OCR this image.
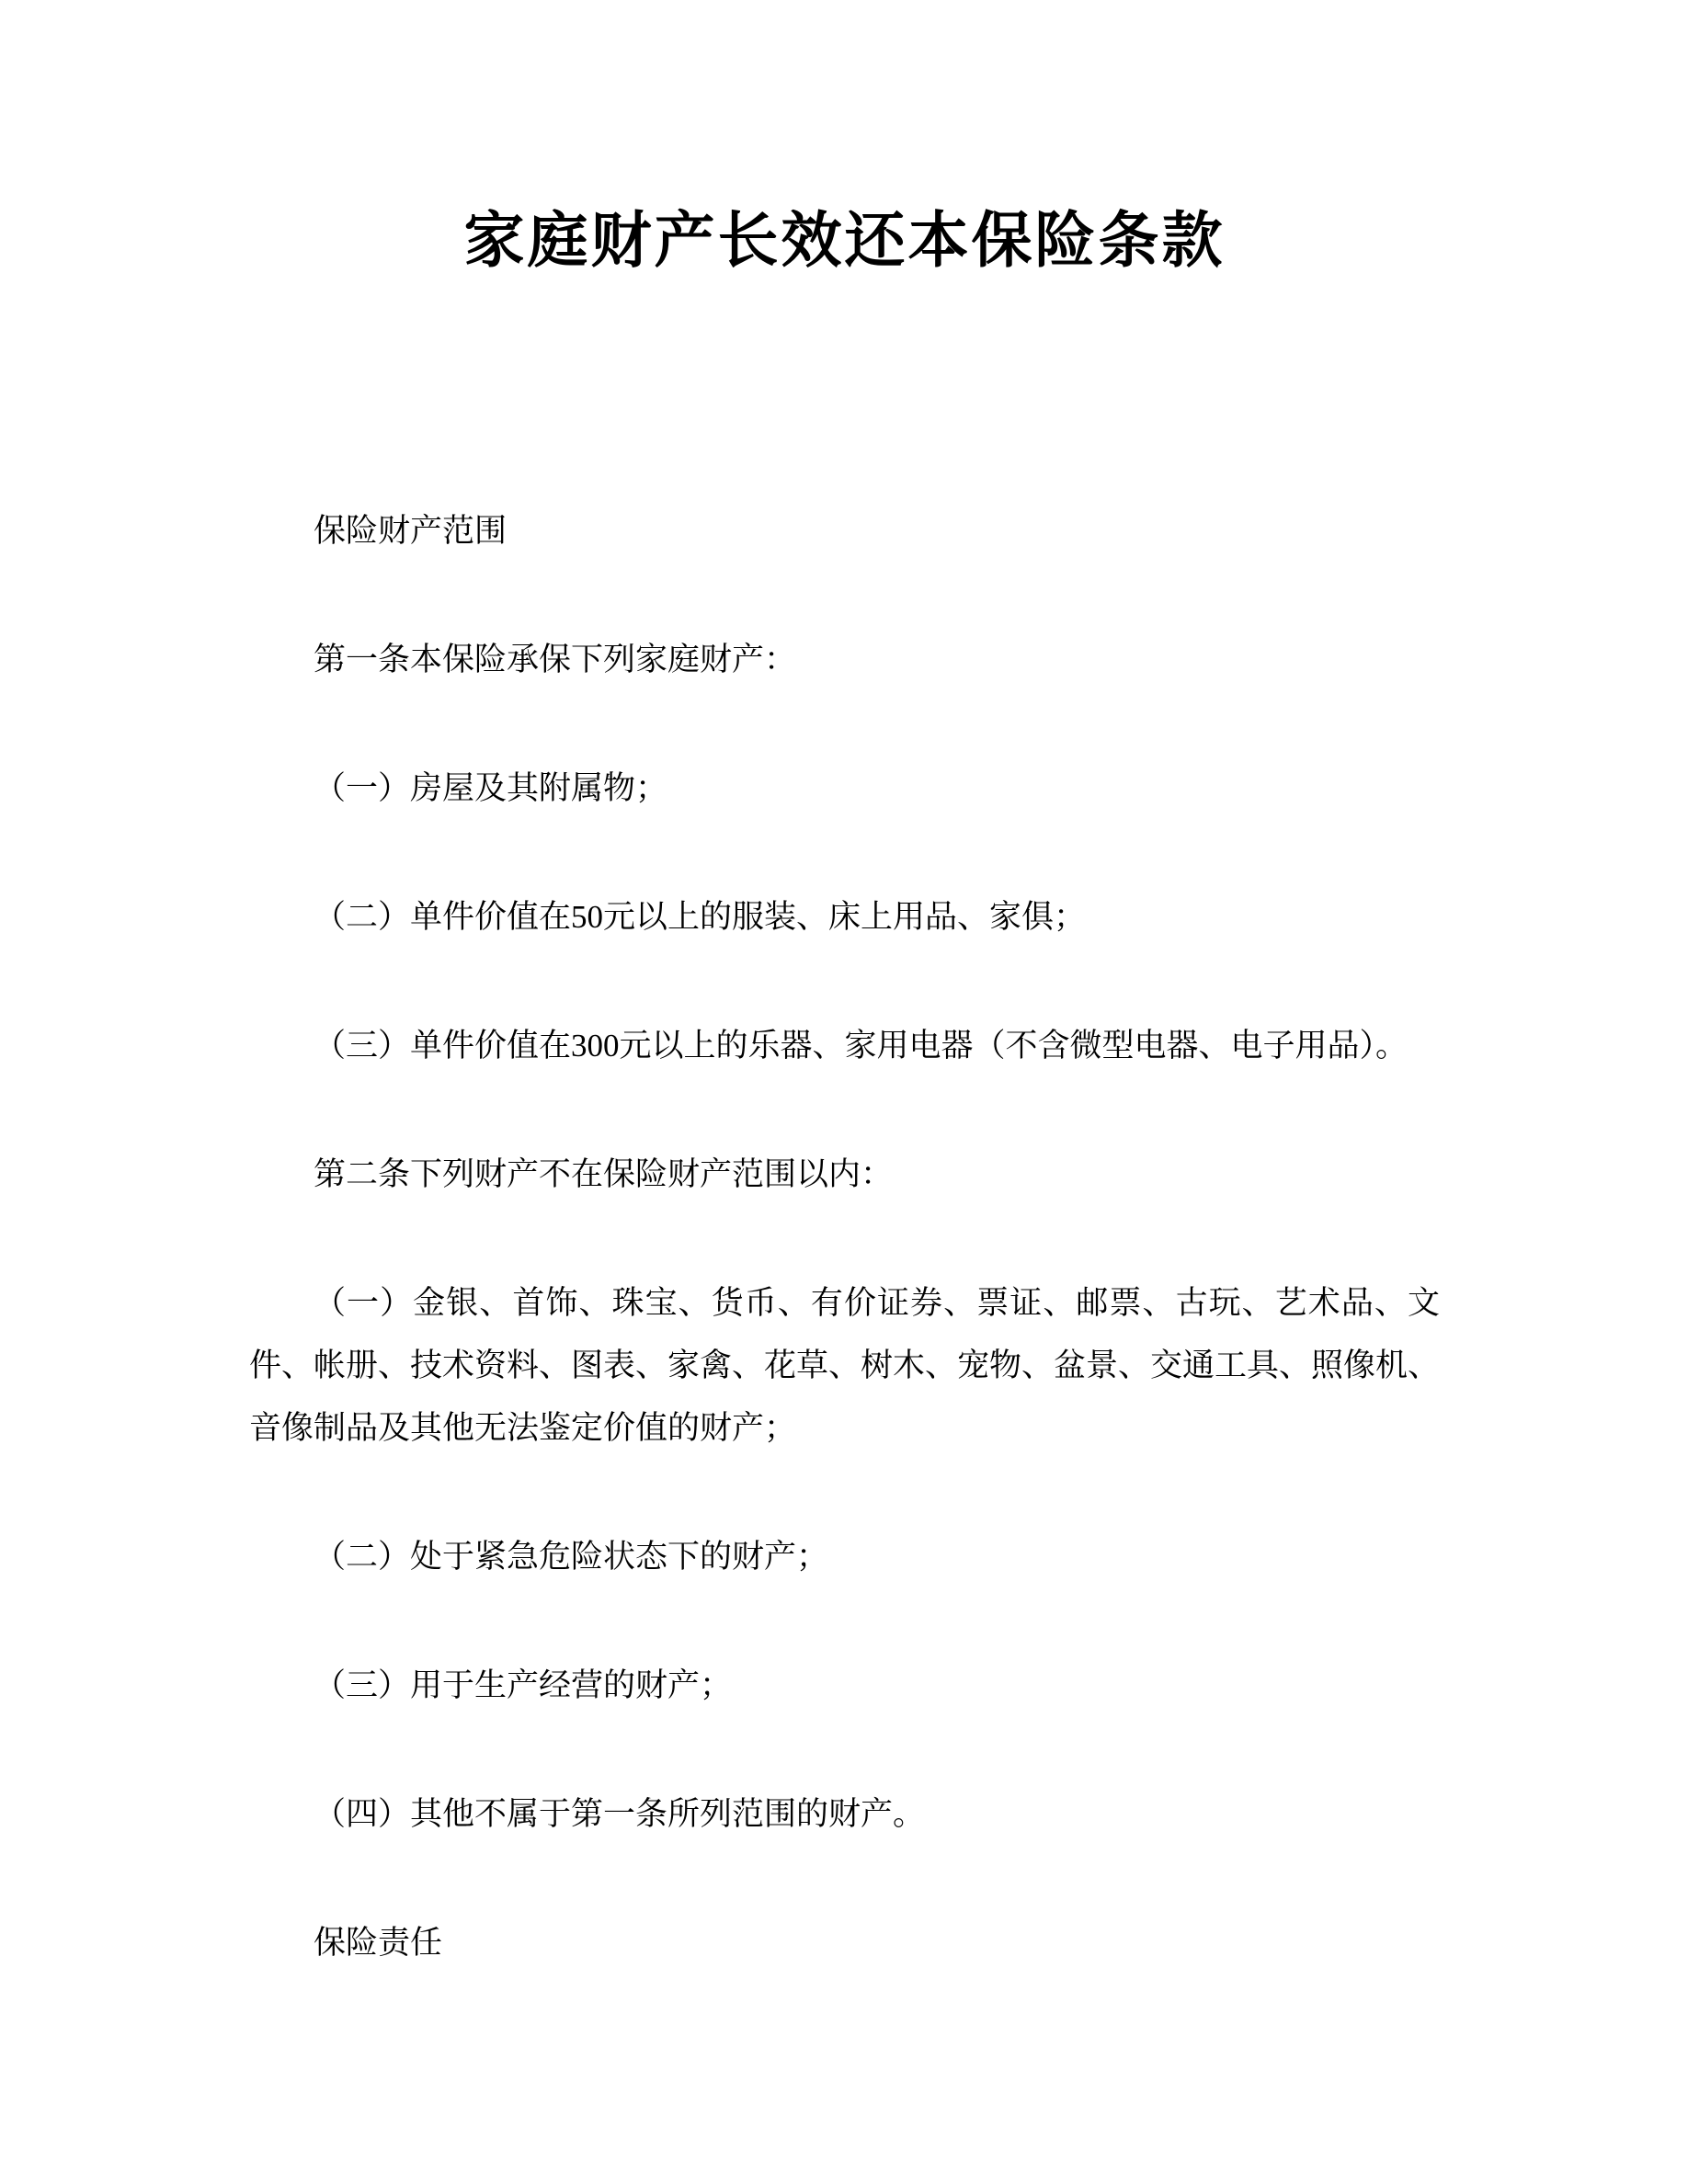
家庭财产长效还本保险条款

保险财产范围

第一条本保险承保下列家庭财产：

（一）房屋及其附属物；

（二）单件价值在50元以上的服装、床上用品、家俱；

（三）单件价值在300元以上的乐器、家用电器（不含微型电器、电子用品）。

第二条下列财产不在保险财产范围以内：

（一）金银、首饰、珠宝、货币、有价证券、票证、邮票、古玩、艺术品、文件、帐册、技术资料、图表、家禽、花草、树木、宠物、盆景、交通工具、照像机、音像制品及其他无法鉴定价值的财产；

（二）处于紧急危险状态下的财产；

（三）用于生产经营的财产；

（四）其他不属于第一条所列范围的财产。

保险责任
